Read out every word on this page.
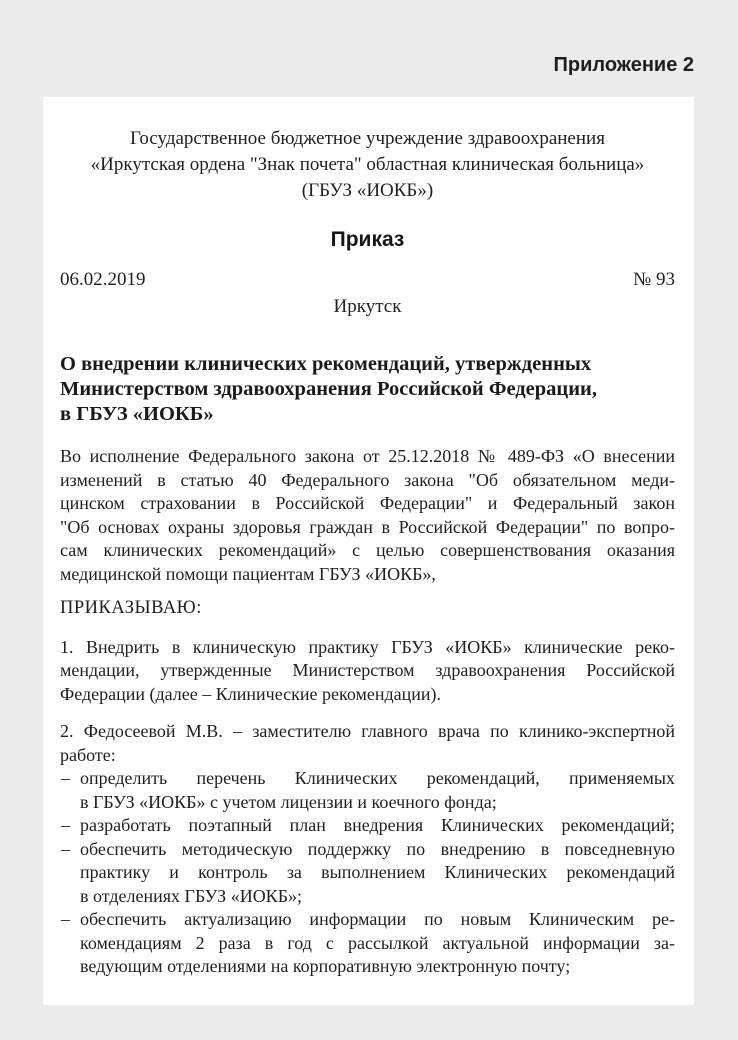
Приложение 2
Государственное бюджетное учреждение здравоохранения
«Иркутская ордена "Знак почета" областная клиническая больница»
(ГБУЗ «ИОКБ»)
Приказ
06.02.2019	№ 93
Иркутск
О внедрении клинических рекомендаций, утвержденных
Министерством здравоохранения Российской Федерации,
в ГБУЗ «ИОКБ»
Во исполнение Федерального закона от 25.12.2018 № 489-ФЗ «О внесении
изменений в статью 40 Федерального закона "Об обязательном меди-
цинском страховании в Российской Федерации" и Федеральный закон
"Об основах охраны здоровья граждан в Российской Федерации" по вопро-
сам клинических рекомендаций» с целью совершенствования оказания
медицинской помощи пациентам ГБУЗ «ИОКБ»,
ПРИКАЗЫВАЮ:
1. Внедрить в клиническую практику ГБУЗ «ИОКБ» клинические реко-
мендации, утвержденные Министерством здравоохранения Российской
Федерации (далее – Клинические рекомендации).
2. Федосеевой М.В. – заместителю главного врача по клинико-экспертной
работе:
– определить перечень Клинических рекомендаций, применяемых
в ГБУЗ «ИОКБ» с учетом лицензии и коечного фонда;
– разработать поэтапный план внедрения Клинических рекомендаций;
– обеспечить методическую поддержку по внедрению в повседневную
практику и контроль за выполнением Клинических рекомендаций
в отделениях ГБУЗ «ИОКБ»;
– обеспечить актуализацию информации по новым Клиническим ре-
комендациям 2 раза в год с рассылкой актуальной информации за-
ведующим отделениями на корпоративную электронную почту;
